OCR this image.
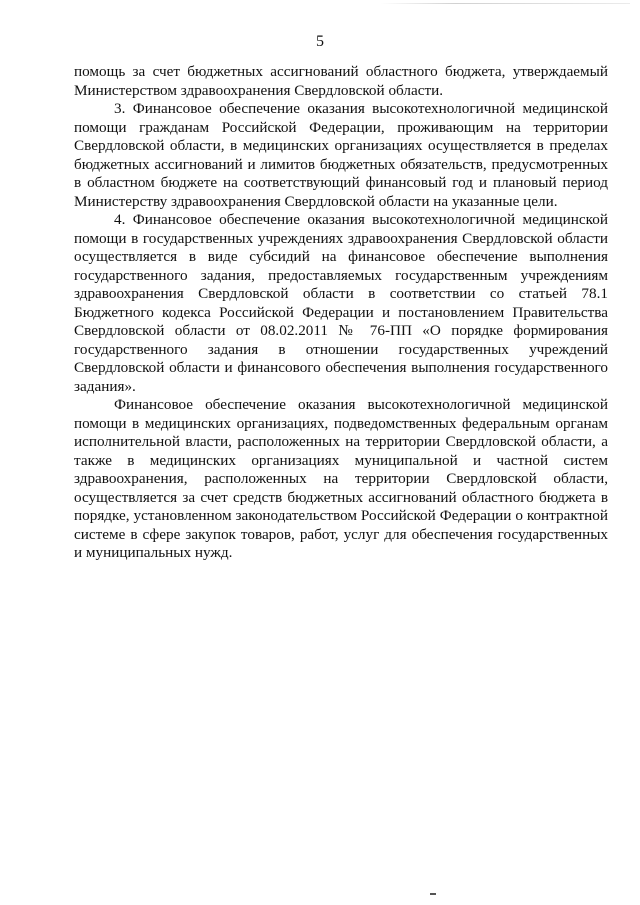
5

помощь за счет бюджетных ассигнований областного бюджета, утверждаемый Министерством здравоохранения Свердловской области.

3. Финансовое обеспечение оказания высокотехнологичной медицинской помощи гражданам Российской Федерации, проживающим на территории Свердловской области, в медицинских организациях осуществляется в пределах бюджетных ассигнований и лимитов бюджетных обязательств, предусмотренных в областном бюджете на соответствующий финансовый год и плановый период Министерству здравоохранения Свердловской области на указанные цели.

4. Финансовое обеспечение оказания высокотехнологичной медицинской помощи в государственных учреждениях здравоохранения Свердловской области осуществляется в виде субсидий на финансовое обеспечение выполнения государственного задания, предоставляемых государственным учреждениям здравоохранения Свердловской области в соответствии со статьей 78.1 Бюджетного кодекса Российской Федерации и постановлением Правительства Свердловской области от 08.02.2011 № 76-ПП «О порядке формирования государственного задания в отношении государственных учреждений Свердловской области и финансового обеспечения выполнения государственного задания».

Финансовое обеспечение оказания высокотехнологичной медицинской помощи в медицинских организациях, подведомственных федеральным органам исполнительной власти, расположенных на территории Свердловской области, а также в медицинских организациях муниципальной и частной систем здравоохранения, расположенных на территории Свердловской области, осуществляется за счет средств бюджетных ассигнований областного бюджета в порядке, установленном законодательством Российской Федерации о контрактной системе в сфере закупок товаров, работ, услуг для обеспечения государственных и муниципальных нужд.
